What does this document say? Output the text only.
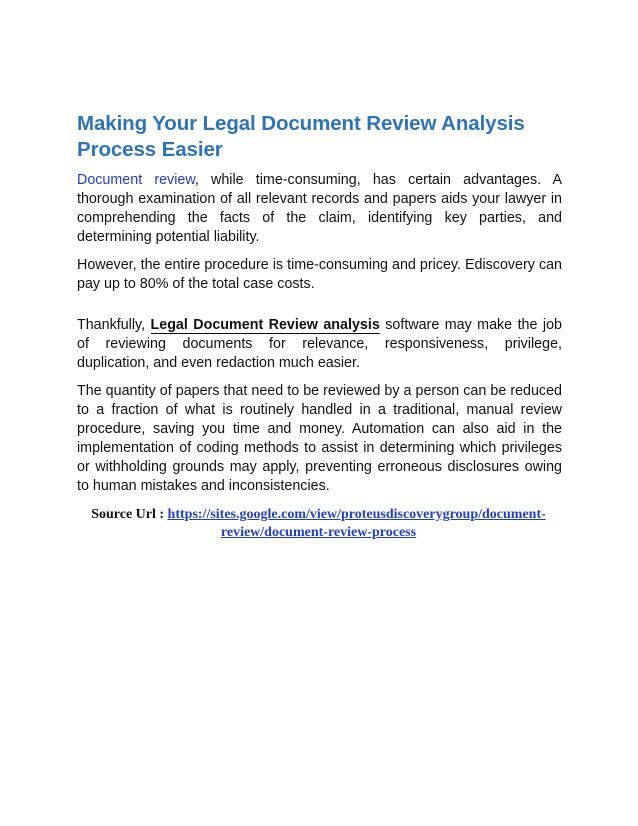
Making Your Legal Document Review Analysis Process Easier

Document review, while time-consuming, has certain advantages. A thorough examination of all relevant records and papers aids your lawyer in comprehending the facts of the claim, identifying key parties, and determining potential liability.

However, the entire procedure is time-consuming and pricey. Ediscovery can pay up to 80% of the total case costs.

Thankfully, Legal Document Review analysis software may make the job of reviewing documents for relevance, responsiveness, privilege, duplication, and even redaction much easier.

The quantity of papers that need to be reviewed by a person can be reduced to a fraction of what is routinely handled in a traditional, manual review procedure, saving you time and money. Automation can also aid in the implementation of coding methods to assist in determining which privileges or withholding grounds may apply, preventing erroneous disclosures owing to human mistakes and inconsistencies.

Source Url : https://sites.google.com/view/proteusdiscoverygroup/document-review/document-review-process
